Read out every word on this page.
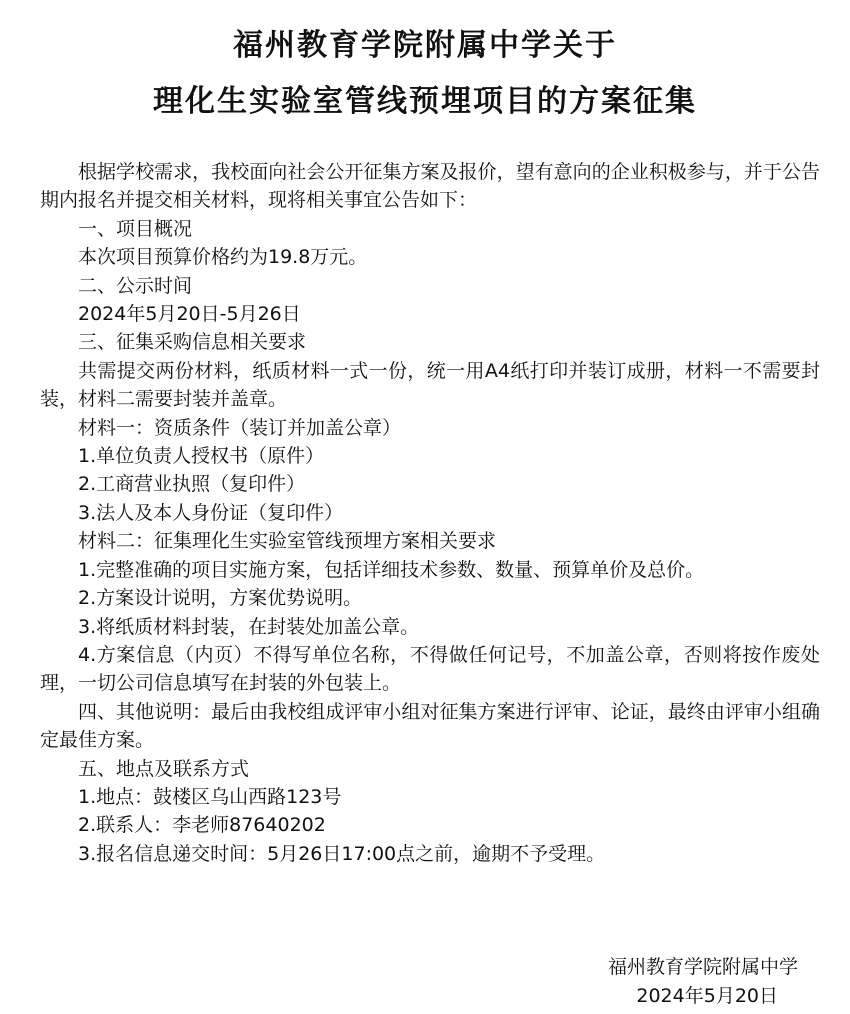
福州教育学院附属中学关于
理化生实验室管线预埋项目的方案征集

根据学校需求，我校面向社会公开征集方案及报价，望有意向的企业积极参与，并于公告期内报名并提交相关材料，现将相关事宜公告如下：

一、项目概况

本次项目预算价格约为19.8万元。

二、公示时间

2024年5月20日-5月26日

三、征集采购信息相关要求

共需提交两份材料，纸质材料一式一份，统一用A4纸打印并装订成册，材料一不需要封装，材料二需要封装并盖章。

材料一：资质条件（装订并加盖公章）

1.单位负责人授权书（原件）

2.工商营业执照（复印件）

3.法人及本人身份证（复印件）

材料二：征集理化生实验室管线预埋方案相关要求

1.完整准确的项目实施方案，包括详细技术参数、数量、预算单价及总价。

2.方案设计说明，方案优势说明。

3.将纸质材料封装，在封装处加盖公章。

4.方案信息（内页）不得写单位名称，不得做任何记号，不加盖公章，否则将按作废处理，一切公司信息填写在封装的外包装上。

四、其他说明：最后由我校组成评审小组对征集方案进行评审、论证，最终由评审小组确定最佳方案。

五、地点及联系方式

1.地点：鼓楼区乌山西路123号

2.联系人：李老师87640202

3.报名信息递交时间：5月26日17:00点之前，逾期不予受理。

福州教育学院附属中学
2024年5月20日
